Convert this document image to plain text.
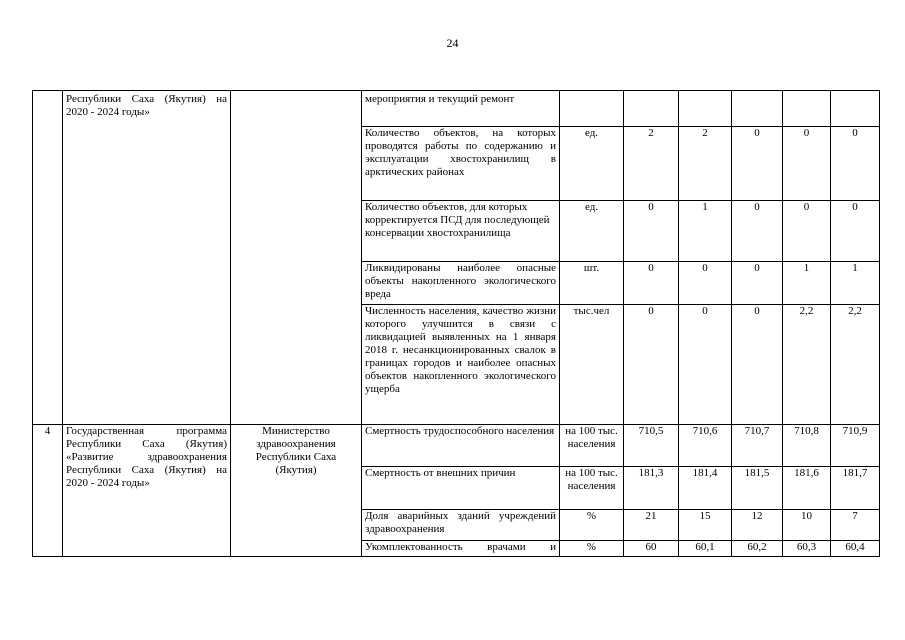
24
	Республики Саха (Якутия) на 2020 - 2024 годы»		мероприятия и текущий ремонт						
			Количество объектов, на которых проводятся работы по содержанию и эксплуатации хвостохранилищ в арктических районах	ед.	2	2	0	0	0
			Количество объектов, для которых корректируется ПСД для последующей консервации хвостохранилища	ед.	0	1	0	0	0
			Ликвидированы наиболее опасные объекты накопленного экологического вреда	шт.	0	0	0	1	1
			Численность населения, качество жизни которого улучшится в связи с ликвидацией выявленных на 1 января 2018 г. несанкционированных свалок в границах городов и наиболее опасных объектов накопленного экологического ущерба	тыс.чел	0	0	0	2,2	2,2
4	Государственная программа Республики Саха (Якутия) «Развитие здравоохранения Республики Саха (Якутия) на 2020 - 2024 годы»	Министерство здравоохранения Республики Саха (Якутия)	Смертность трудоспособного населения	на 100 тыс. населения	710,5	710,6	710,7	710,8	710,9
			Смертность от внешних причин	на 100 тыс. населения	181,3	181,4	181,5	181,6	181,7
			Доля аварийных зданий учреждений здравоохранения	%	21	15	12	10	7
			Укомплектованность врачами и	%	60	60,1	60,2	60,3	60,4
